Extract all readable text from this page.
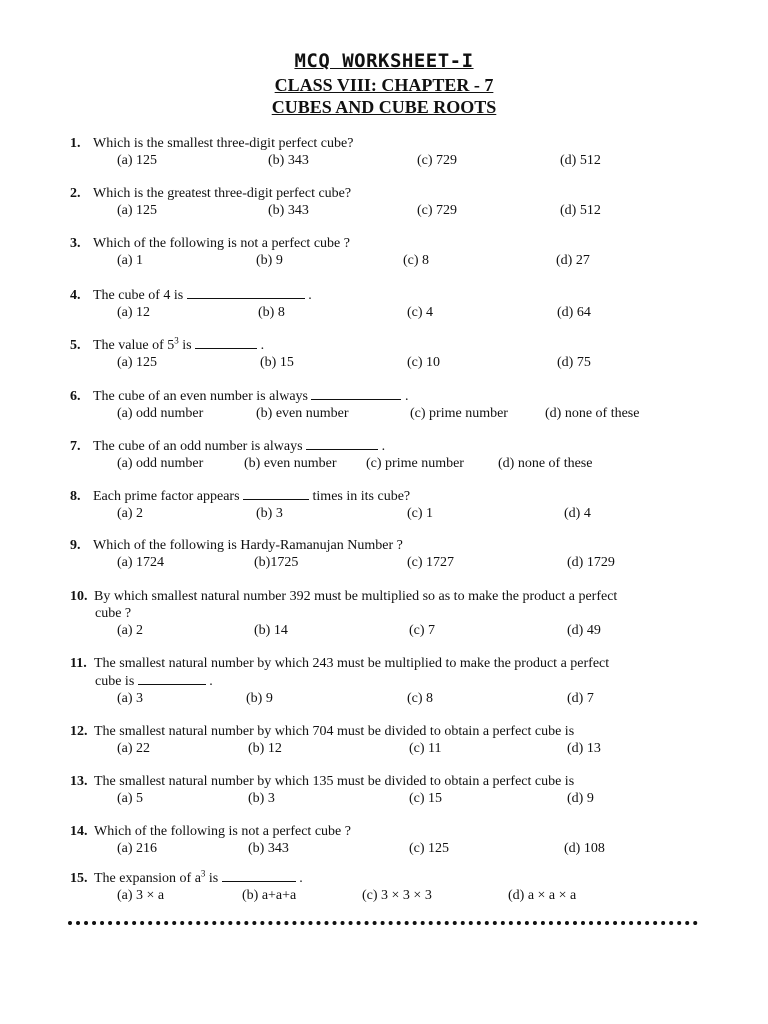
MCQ WORKSHEET-I
CLASS VIII: CHAPTER - 7
CUBES AND CUBE ROOTS
1. Which is the smallest three-digit perfect cube?
(a) 125	(b) 343	(c) 729	(d) 512
2. Which is the greatest three-digit perfect cube?
(a) 125	(b) 343	(c) 729	(d) 512
3. Which of the following is not a perfect cube ?
(a) 1	(b) 9	(c) 8	(d) 27
4. The cube of 4 is	.
(a) 12	(b) 8	(c) 4	(d) 64
5. The value of $5^3$ is	.
(a) 125	(b) 15	(c) 10	(d) 75
6. The cube of an even number is always	.
(a) odd number	(b) even number	(c) prime number	(d) none of these
7. The cube of an odd number is always	.
(a) odd number	(b) even number (c) prime number (d) none of these
8. Each prime factor appears	times in its cube?
(a) 2	(b) 3	(c) 1	(d) 4
9. Which of the following is Hardy-Ramanujan Number ?
(a) 1724	(b)1725	(c) 1727	(d) 1729
10. By which smallest natural number 392 must be multiplied so as to make the product a perfect
cube ?
(a) 2	(b) 14	(c) 7	(d) 49
11. The smallest natural number by which 243 must be multiplied to make the product a perfect
cube is	.
(a) 3	(b) 9	(c) 8	(d) 7
12. The smallest natural number by which 704 must be divided to obtain a perfect cube is
(a) 22	(b) 12	(c) 11	(d) 13
13. The smallest natural number by which 135 must be divided to obtain a perfect cube is
(a) 5	(b) 3	(c) 15	(d) 9
14. Which of the following is not a perfect cube ?
(a) 216	(b) 343	(c) 125	(d) 108
15. The expansion of $a^3$ is	.
(a) 3 × a	(b) a+a+a	(c) 3 × 3 × 3	(d) a × a × a
